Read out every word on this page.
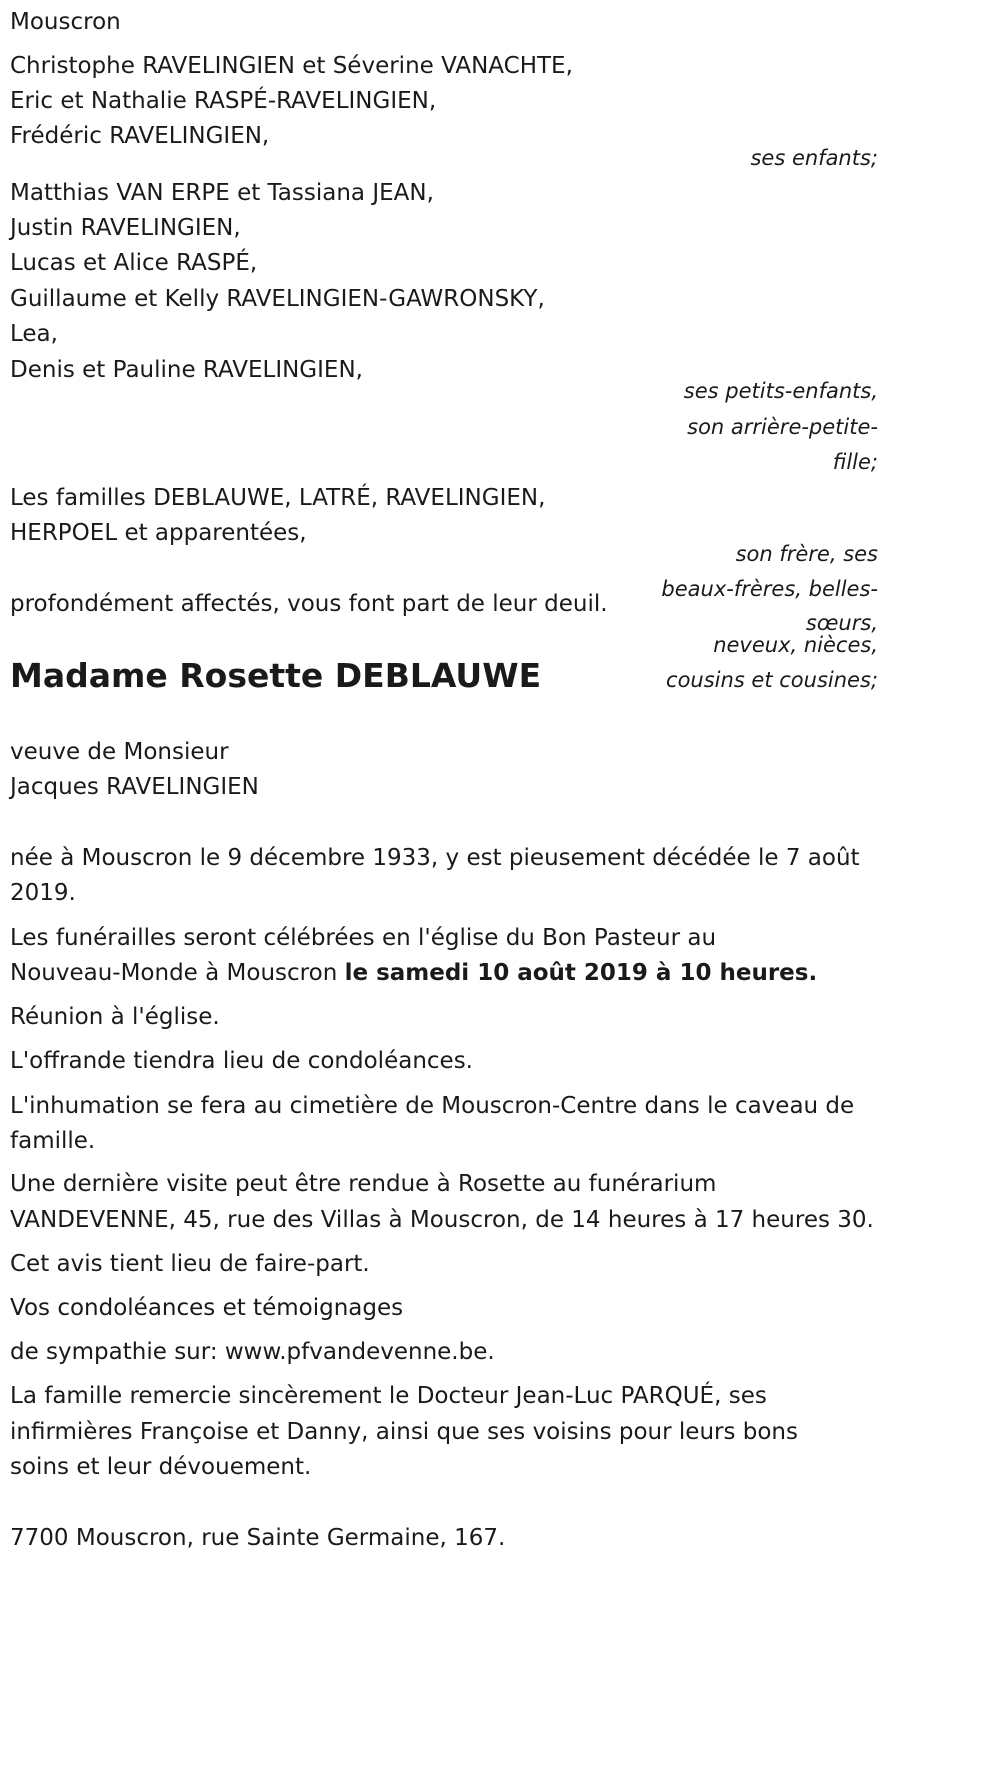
Mouscron

Christophe RAVELINGIEN et Séverine VANACHTE,

Eric et Nathalie RASPÉ-RAVELINGIEN,

Frédéric RAVELINGIEN,

ses enfants;

Matthias VAN ERPE et Tassiana JEAN,

Justin RAVELINGIEN,

Lucas et Alice RASPÉ,

Guillaume et Kelly RAVELINGIEN-GAWRONSKY,

Lea,

Denis et Pauline RAVELINGIEN,

ses petits-enfants,

son arrière-petite-

fille;

Les familles DEBLAUWE, LATRÉ, RAVELINGIEN,

HERPOEL et apparentées,

son frère, ses

beaux-frères, belles-

sœurs,

neveux, nièces,

cousins et cousines;

profondément affectés, vous font part de leur deuil.

Madame Rosette DEBLAUWE

veuve de Monsieur

Jacques RAVELINGIEN

née à Mouscron le 9 décembre 1933, y est pieusement décédée le 7 août

2019.

Les funérailles seront célébrées en l'église du Bon Pasteur au

Nouveau-Monde à Mouscron le samedi 10 août 2019 à 10 heures.

Réunion à l'église.

L'offrande tiendra lieu de condoléances.

L'inhumation se fera au cimetière de Mouscron-Centre dans le caveau de

famille.

Une dernière visite peut être rendue à Rosette au funérarium

VANDEVENNE, 45, rue des Villas à Mouscron, de 14 heures à 17 heures 30.

Cet avis tient lieu de faire-part.

Vos condoléances et témoignages

de sympathie sur: www.pfvandevenne.be.

La famille remercie sincèrement le Docteur Jean-Luc PARQUÉ, ses

infirmières Françoise et Danny, ainsi que ses voisins pour leurs bons

soins et leur dévouement.

7700 Mouscron, rue Sainte Germaine, 167.
